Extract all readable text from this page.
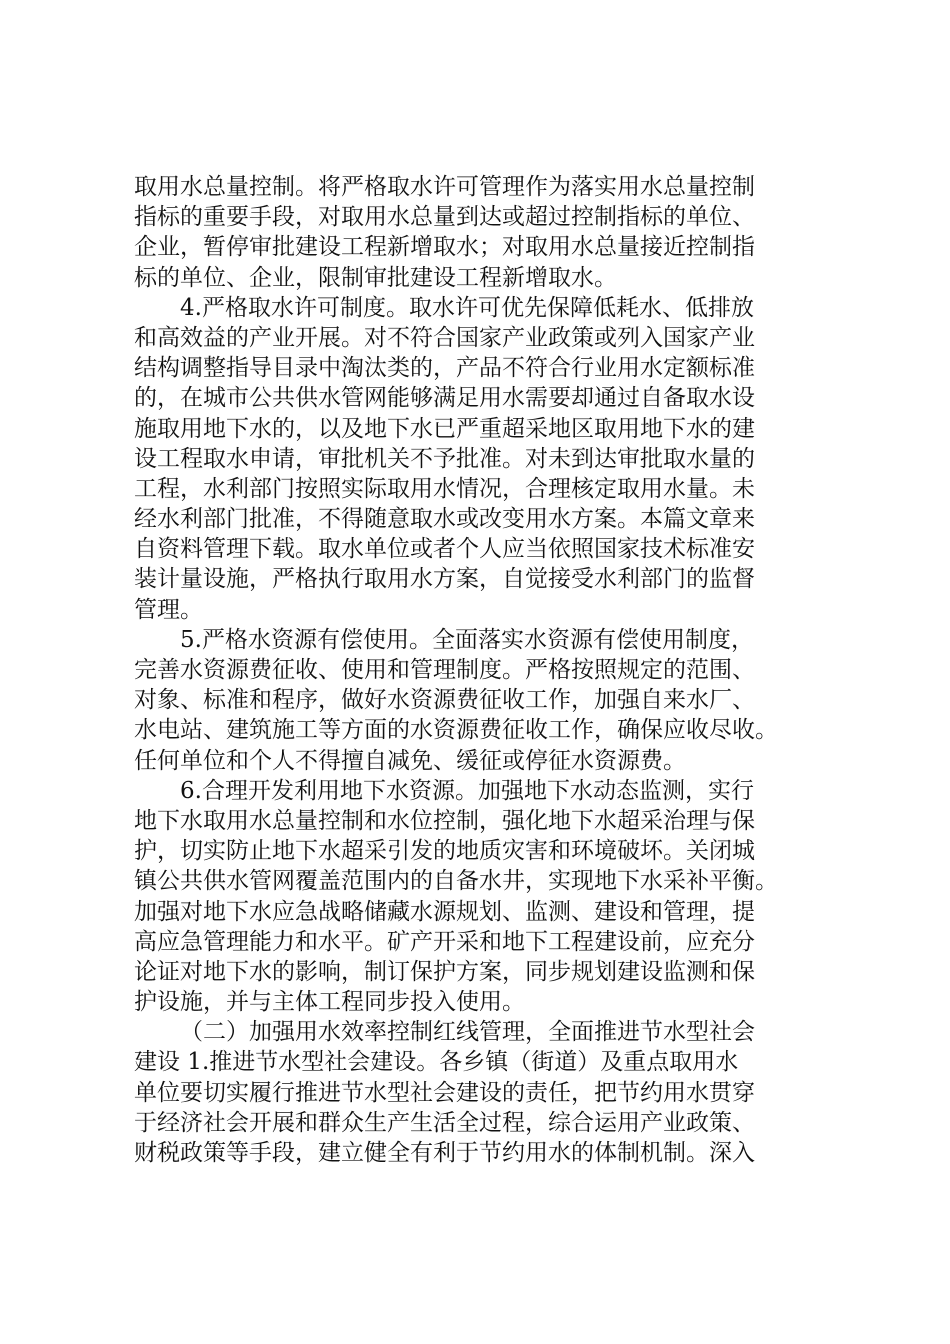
取用水总量控制。将严格取水许可管理作为落实用水总量控制
指标的重要手段，对取用水总量到达或超过控制指标的单位、
企业，暂停审批建设工程新增取水；对取用水总量接近控制指
标的单位、企业，限制审批建设工程新增取水。
4.严格取水许可制度。取水许可优先保障低耗水、低排放
和高效益的产业开展。对不符合国家产业政策或列入国家产业
结构调整指导目录中淘汰类的，产品不符合行业用水定额标准
的，在城市公共供水管网能够满足用水需要却通过自备取水设
施取用地下水的，以及地下水已严重超采地区取用地下水的建
设工程取水申请，审批机关不予批准。对未到达审批取水量的
工程，水利部门按照实际取用水情况，合理核定取用水量。未
经水利部门批准，不得随意取水或改变用水方案。本篇文章来
自资料管理下载。取水单位或者个人应当依照国家技术标准安
装计量设施，严格执行取用水方案，自觉接受水利部门的监督
管理。
5.严格水资源有偿使用。全面落实水资源有偿使用制度，
完善水资源费征收、使用和管理制度。严格按照规定的范围、
对象、标准和程序，做好水资源费征收工作，加强自来水厂、
水电站、建筑施工等方面的水资源费征收工作，确保应收尽收。
任何单位和个人不得擅自减免、缓征或停征水资源费。
6.合理开发利用地下水资源。加强地下水动态监测，实行
地下水取用水总量控制和水位控制，强化地下水超采治理与保
护，切实防止地下水超采引发的地质灾害和环境破坏。关闭城
镇公共供水管网覆盖范围内的自备水井，实现地下水采补平衡。
加强对地下水应急战略储藏水源规划、监测、建设和管理，提
高应急管理能力和水平。矿产开采和地下工程建设前，应充分
论证对地下水的影响，制订保护方案，同步规划建设监测和保
护设施，并与主体工程同步投入使用。
（二）加强用水效率控制红线管理，全面推进节水型社会
建设 1.推进节水型社会建设。各乡镇（街道）及重点取用水
单位要切实履行推进节水型社会建设的责任，把节约用水贯穿
于经济社会开展和群众生产生活全过程，综合运用产业政策、
财税政策等手段，建立健全有利于节约用水的体制机制。深入
